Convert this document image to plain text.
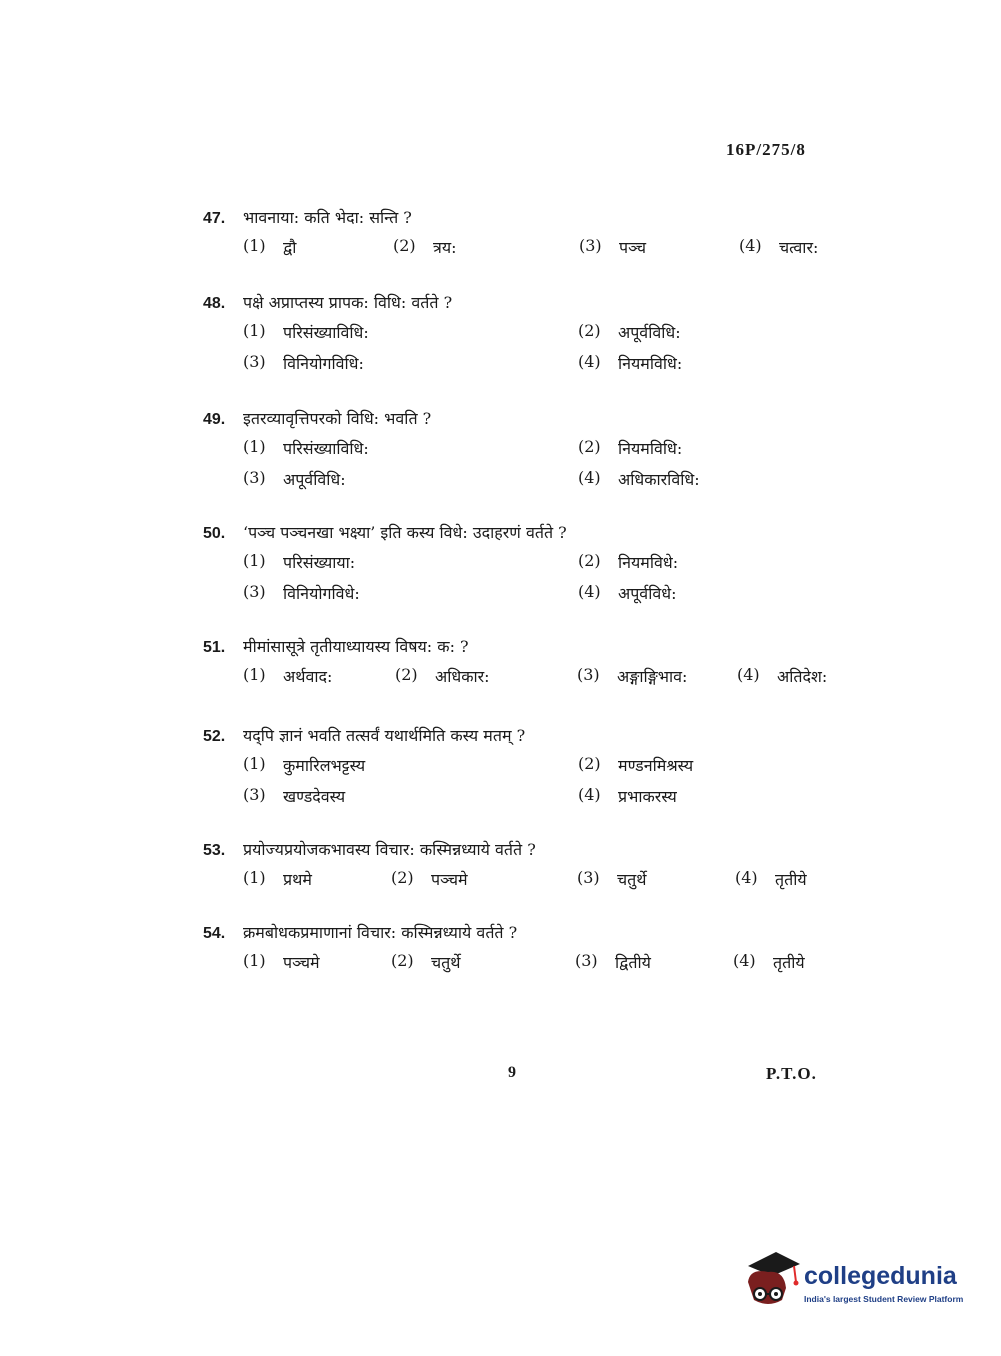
16P/275/8
47.	भावनाया: कति भेदा: सन्ति ?
(1)	द्वौ	(2)	त्रय:	(3)	पञ्च	(4)	चत्वार:
48.	पक्षे अप्राप्तस्य प्रापक: विधि: वर्तते ?
(1)	परिसंख्याविधि:	(2)	अपूर्वविधि:
(3)	विनियोगविधि:	(4)	नियमविधि:
49.	इतरव्यावृत्तिपरको विधि: भवति ?
(1)	परिसंख्याविधि:	(2)	नियमविधि:
(3)	अपूर्वविधि:	(4)	अधिकारविधि:
50.	‘पञ्च पञ्चनखा भक्ष्या’ इति कस्य विधे: उदाहरणं वर्तते ?
(1)	परिसंख्याया:	(2)	नियमविधे:
(3)	विनियोगविधे:	(4)	अपूर्वविधे:
51.	मीमांसासूत्रे तृतीयाध्यायस्य विषय: क: ?
(1)	अर्थवाद:	(2)	अधिकार:	(3)	अङ्गाङ्गिभाव:	(4)	अतिदेश:
52.	यद्पि ज्ञानं भवति तत्सर्वं यथार्थमिति कस्य मतम् ?
(1)	कुमारिलभट्टस्य	(2)	मण्डनमिश्रस्य
(3)	खण्डदेवस्य	(4)	प्रभाकरस्य
53.	प्रयोज्यप्रयोजकभावस्य विचार: कस्मिन्नध्याये वर्तते ?
(1)	प्रथमे	(2)	पञ्चमे	(3)	चतुर्थे	(4)	तृतीये
54.	क्रमबोधकप्रमाणानां विचार: कस्मिन्नध्याये वर्तते ?
(1)	पञ्चमे	(2)	चतुर्थे	(3)	द्वितीये	(4)	तृतीये
9	P.T.O.
collegedunia
India's largest Student Review Platform
